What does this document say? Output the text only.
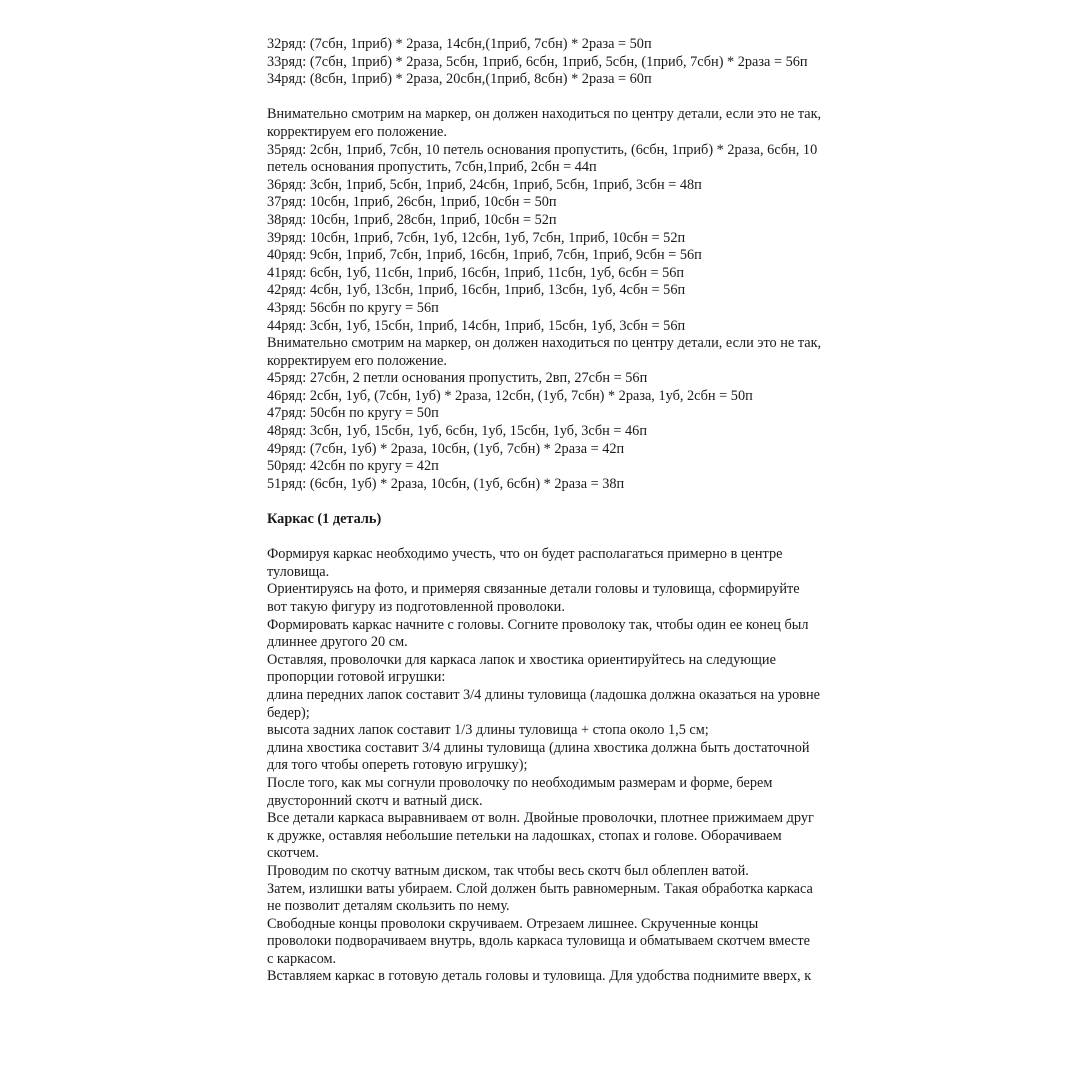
32ряд: (7сбн, 1приб) * 2раза, 14сбн,(1приб, 7сбн) * 2раза = 50п
33ряд: (7сбн, 1приб) * 2раза, 5сбн, 1приб, 6сбн, 1приб, 5сбн, (1приб, 7сбн) * 2раза = 56п
34ряд: (8сбн, 1приб) * 2раза, 20сбн,(1приб, 8сбн) * 2раза = 60п
Внимательно смотрим на маркер, он должен находиться по центру детали, если это не так,
корректируем его положение.
35ряд: 2сбн, 1приб, 7сбн, 10 петель основания пропустить, (6сбн, 1приб) * 2раза, 6сбн, 10
петель основания пропустить, 7сбн,1приб, 2сбн = 44п
36ряд: 3сбн, 1приб, 5сбн, 1приб, 24сбн, 1приб, 5сбн, 1приб, 3сбн = 48п
37ряд: 10сбн, 1приб, 26сбн, 1приб, 10сбн = 50п
38ряд: 10сбн, 1приб, 28сбн, 1приб, 10сбн = 52п
39ряд: 10сбн, 1приб, 7сбн, 1уб, 12сбн, 1уб, 7сбн, 1приб, 10сбн = 52п
40ряд: 9сбн, 1приб, 7сбн, 1приб, 16сбн, 1приб, 7сбн, 1приб, 9сбн = 56п
41ряд: 6сбн, 1уб, 11сбн, 1приб, 16сбн, 1приб, 11сбн, 1уб, 6сбн = 56п
42ряд: 4сбн, 1уб, 13сбн, 1приб, 16сбн, 1приб, 13сбн, 1уб, 4сбн = 56п
43ряд: 56сбн по кругу = 56п
44ряд: 3сбн, 1уб, 15сбн, 1приб, 14сбн, 1приб, 15сбн, 1уб, 3сбн = 56п
Внимательно смотрим на маркер, он должен находиться по центру детали, если это не так,
корректируем его положение.
45ряд: 27сбн, 2 петли основания пропустить, 2вп, 27сбн = 56п
46ряд: 2сбн, 1уб, (7сбн, 1уб) * 2раза, 12сбн, (1уб, 7сбн) * 2раза, 1уб, 2сбн = 50п
47ряд: 50сбн по кругу = 50п
48ряд: 3сбн, 1уб, 15сбн, 1уб, 6сбн, 1уб, 15сбн, 1уб, 3сбн = 46п
49ряд: (7сбн, 1уб) * 2раза, 10сбн, (1уб, 7сбн) * 2раза = 42п
50ряд: 42сбн по кругу = 42п
51ряд: (6сбн, 1уб) * 2раза, 10сбн, (1уб, 6сбн) * 2раза = 38п
Каркас (1 деталь)
Формируя каркас необходимо учесть, что он будет располагаться примерно в центре
туловища.
Ориентируясь на фото, и примеряя связанные детали головы и туловища, сформируйте
вот такую фигуру из подготовленной проволоки.
Формировать каркас начните с головы. Согните проволоку так, чтобы один ее конец был
длиннее другого 20 см.
Оставляя, проволочки для каркаса лапок и хвостика ориентируйтесь на следующие
пропорции готовой игрушки:
длина передних лапок составит 3/4 длины туловища (ладошка должна оказаться на уровне
бедер);
высота задних лапок составит 1/3 длины туловища + стопа около 1,5 см;
длина хвостика составит 3/4 длины туловища (длина хвостика должна быть достаточной
для того чтобы опереть готовую игрушку);
После того, как мы согнули проволочку по необходимым размерам и форме, берем
двусторонний скотч и ватный диск.
Все детали каркаса выравниваем от волн. Двойные проволочки, плотнее прижимаем друг
к дружке, оставляя небольшие петельки на ладошках, стопах и голове. Оборачиваем
скотчем.
Проводим по скотчу ватным диском, так чтобы весь скотч был облеплен ватой.
Затем, излишки ваты убираем. Слой должен быть равномерным. Такая обработка каркаса
не позволит деталям скользить по нему.
Свободные концы проволоки скручиваем. Отрезаем лишнее. Скрученные концы
проволоки подворачиваем внутрь, вдоль каркаса туловища и обматываем скотчем вместе
с каркасом.
Вставляем каркас в готовую деталь головы и туловища. Для удобства поднимите вверх, к
